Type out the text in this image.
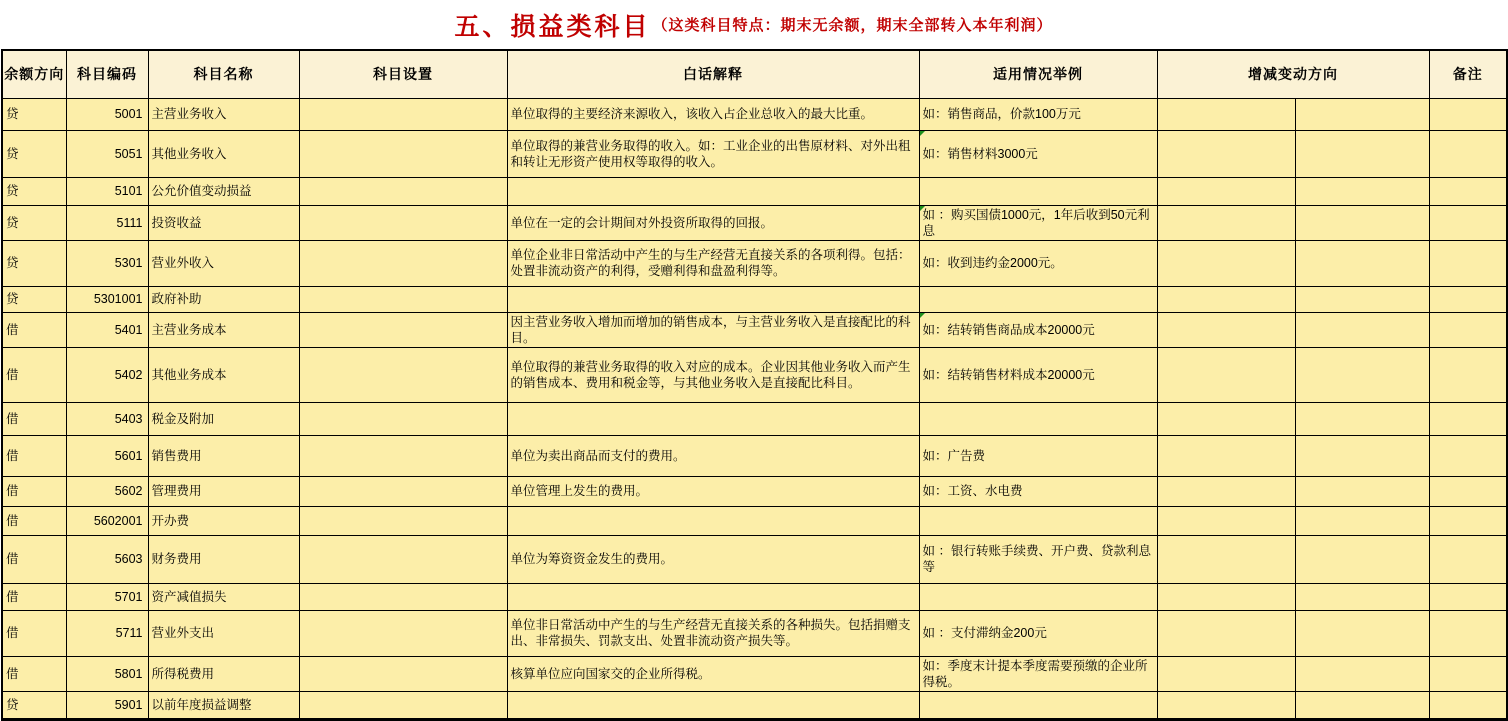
五、损益类科目 （这类科目特点：期末无余额，期末全部转入本年利润）
余额方向	科目编码	科目名称	科目设置	白话解释	适用情况举例	增减变动方向		备注
贷	5001	主营业务收入		单位取得的主要经济来源收入，该收入占企业总收入的最大比重。	如：销售商品，价款100万元			
贷	5051	其他业务收入		单位取得的兼营业务取得的收入。如：工业企业的出售原材料、对外出租和转让无形资产使用权等取得的收入。	如：销售材料3000元			
贷	5101	公允价值变动损益						
贷	5111	投资收益		单位在一定的会计期间对外投资所取得的回报。	如 ：购买国债1000元，1年后收到50元利息			
贷	5301	营业外收入		单位企业非日常活动中产生的与生产经营无直接关系的各项利得。包括：处置非流动资产的利得，受赠利得和盘盈利得等。	如：收到违约金2000元。			
贷	5301001	政府补助						
借	5401	主营业务成本		因主营业务收入增加而增加的销售成本，与主营业务收入是直接配比的科目。	如：结转销售商品成本20000元			
借	5402	其他业务成本		单位取得的兼营业务取得的收入对应的成本。企业因其他业务收入而产生的销售成本、费用和税金等，与其他业务收入是直接配比科目。	如：结转销售材料成本20000元			
借	5403	税金及附加						
借	5601	销售费用		单位为卖出商品而支付的费用。	如：广告费			
借	5602	管理费用		单位管理上发生的费用。	如：工资、水电费			
借	5602001	开办费						
借	5603	财务费用		单位为筹资资金发生的费用。	如 ：银行转账手续费、开户费、贷款利息等			
借	5701	资产减值损失						
借	5711	营业外支出		单位非日常活动中产生的与生产经营无直接关系的各种损失。包括捐赠支出、非常损失、罚款支出、处置非流动资产损失等。	如 ：支付滞纳金200元			
借	5801	所得税费用		核算单位应向国家交的企业所得税。	如：季度末计提本季度需要预缴的企业所得税。			
贷	5901	以前年度损益调整						
